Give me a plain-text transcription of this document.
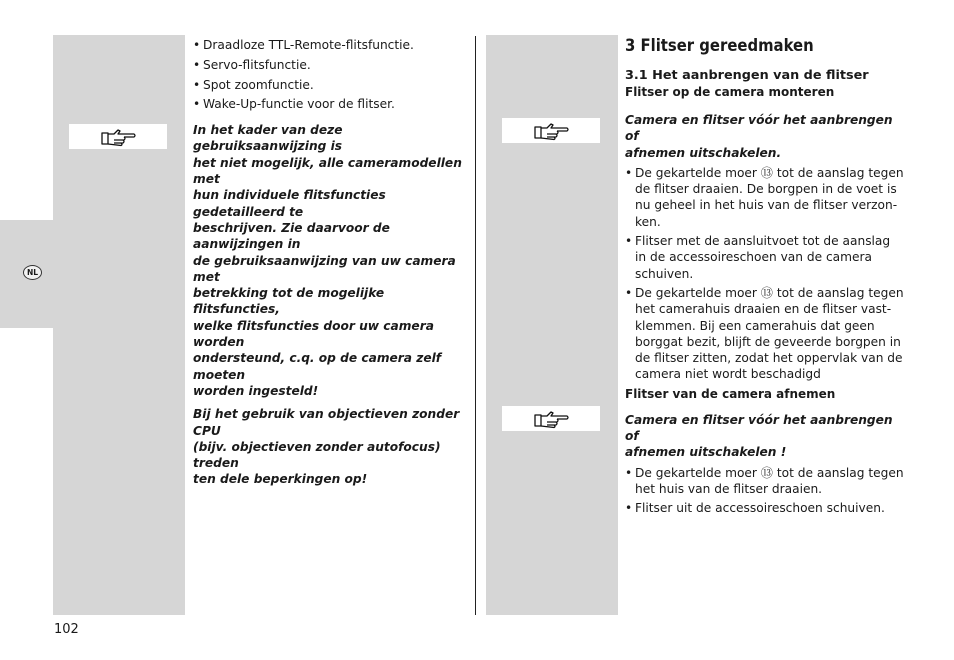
NL
• Draadloze TTL-Remote-flitsfunctie.
• Servo-flitsfunctie.
• Spot zoomfunctie.
• Wake-Up-functie voor de flitser.
In het kader van deze gebruiksaanwijzing is
het niet mogelijk, alle cameramodellen met
hun individuele flitsfuncties gedetailleerd te
beschrijven. Zie daarvoor de aanwijzingen in
de gebruiksaanwijzing van uw camera met
betrekking tot de mogelijke flitsfuncties,
welke flitsfuncties door uw camera worden
ondersteund, c.q. op de camera zelf moeten
worden ingesteld!
Bij het gebruik van objectieven zonder CPU
(bijv. objectieven zonder autofocus) treden
ten dele beperkingen op!
3 Flitser gereedmaken
3.1 Het aanbrengen van de flitser
Flitser op de camera monteren
Camera en flitser vóór het aanbrengen of
afnemen uitschakelen.
• De gekartelde moer ⑬ tot de aanslag tegen
de flitser draaien. De borgpen in de voet is
nu geheel in het huis van de flitser verzon-
ken.
• Flitser met de aansluitvoet tot de aanslag
in de accessoireschoen van de camera
schuiven.
• De gekartelde moer ⑬ tot de aanslag tegen
het camerahuis draaien en de flitser vast-
klemmen. Bij een camerahuis dat geen
borggat bezit, blijft de geveerde borgpen in
de flitser zitten, zodat het oppervlak van de
camera niet wordt beschadigd
Flitser van de camera afnemen
Camera en flitser vóór het aanbrengen of
afnemen uitschakelen !
• De gekartelde moer ⑬ tot de aanslag tegen
het huis van de flitser draaien.
• Flitser uit de accessoireschoen schuiven.
102
